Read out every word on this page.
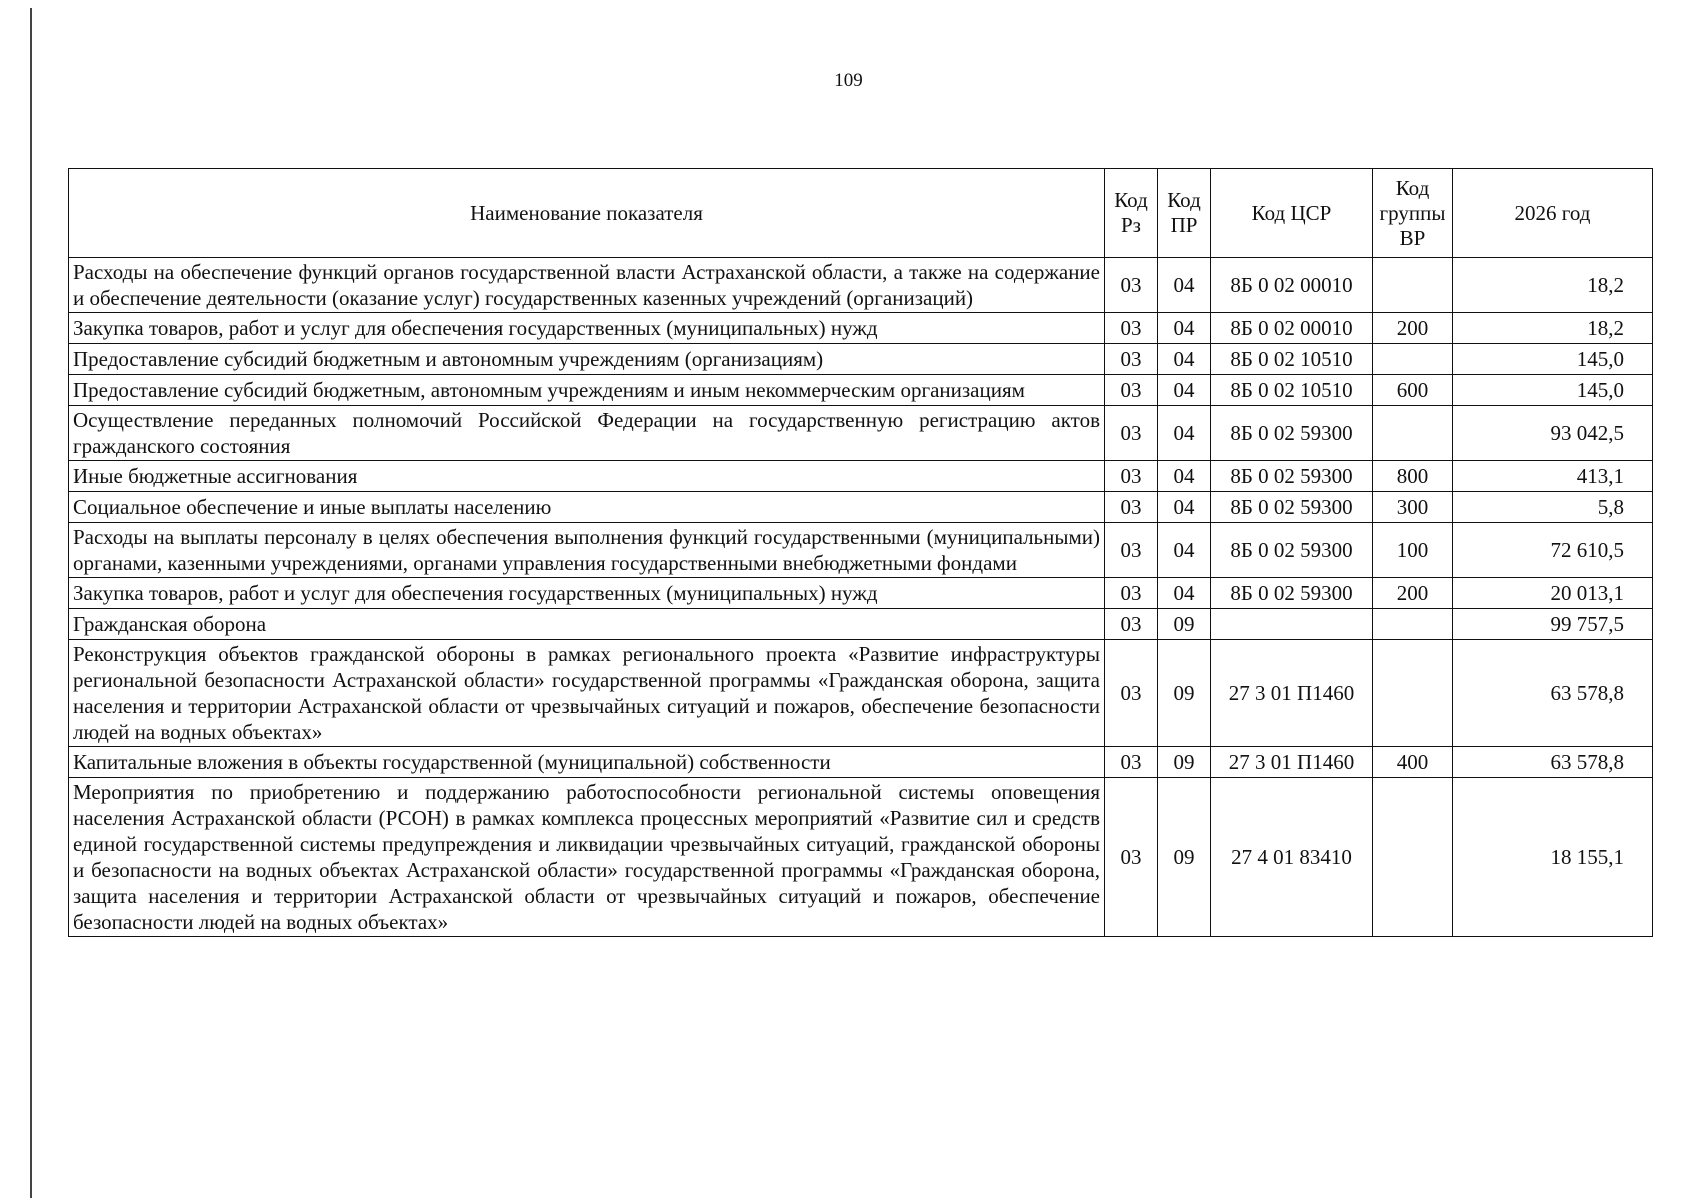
109
Наименование показателя	Код Рз	Код ПР	Код ЦСР	Код группы ВР	2026 год
Расходы на обеспечение функций органов государственной власти Астраханской области, а также на содержание и обеспечение деятельности (оказание услуг) государственных казенных учреждений (организаций)	03	04	8Б 0 02 00010		18,2
Закупка товаров, работ и услуг для обеспечения государственных (муниципальных) нужд	03	04	8Б 0 02 00010	200	18,2
Предоставление субсидий бюджетным и автономным учреждениям (организациям)	03	04	8Б 0 02 10510		145,0
Предоставление субсидий бюджетным, автономным учреждениям и иным некоммерческим организациям	03	04	8Б 0 02 10510	600	145,0
Осуществление переданных полномочий Российской Федерации на государственную регистрацию актов гражданского состояния	03	04	8Б 0 02 59300		93 042,5
Иные бюджетные ассигнования	03	04	8Б 0 02 59300	800	413,1
Социальное обеспечение и иные выплаты населению	03	04	8Б 0 02 59300	300	5,8
Расходы на выплаты персоналу в целях обеспечения выполнения функций государственными (муниципальными) органами, казенными учреждениями, органами управления государственными внебюджетными фондами	03	04	8Б 0 02 59300	100	72 610,5
Закупка товаров, работ и услуг для обеспечения государственных (муниципальных) нужд	03	04	8Б 0 02 59300	200	20 013,1
Гражданская оборона	03	09			99 757,5
Реконструкция объектов гражданской обороны в рамках регионального проекта «Развитие инфраструктуры региональной безопасности Астраханской области» государственной программы «Гражданская оборона, защита населения и территории Астраханской области от чрезвычайных ситуаций и пожаров, обеспечение безопасности людей на водных объектах»	03	09	27 3 01 П1460		63 578,8
Капитальные вложения в объекты государственной (муниципальной) собственности	03	09	27 3 01 П1460	400	63 578,8
Мероприятия по приобретению и поддержанию работоспособности региональной системы оповещения населения Астраханской области (РСОН) в рамках комплекса процессных мероприятий «Развитие сил и средств единой государственной системы предупреждения и ликвидации чрезвычайных ситуаций, гражданской обороны и безопасности на водных объектах Астраханской области» государственной программы «Гражданская оборона, защита населения и территории Астраханской области от чрезвычайных ситуаций и пожаров, обеспечение безопасности людей на водных объектах»	03	09	27 4 01 83410		18 155,1
